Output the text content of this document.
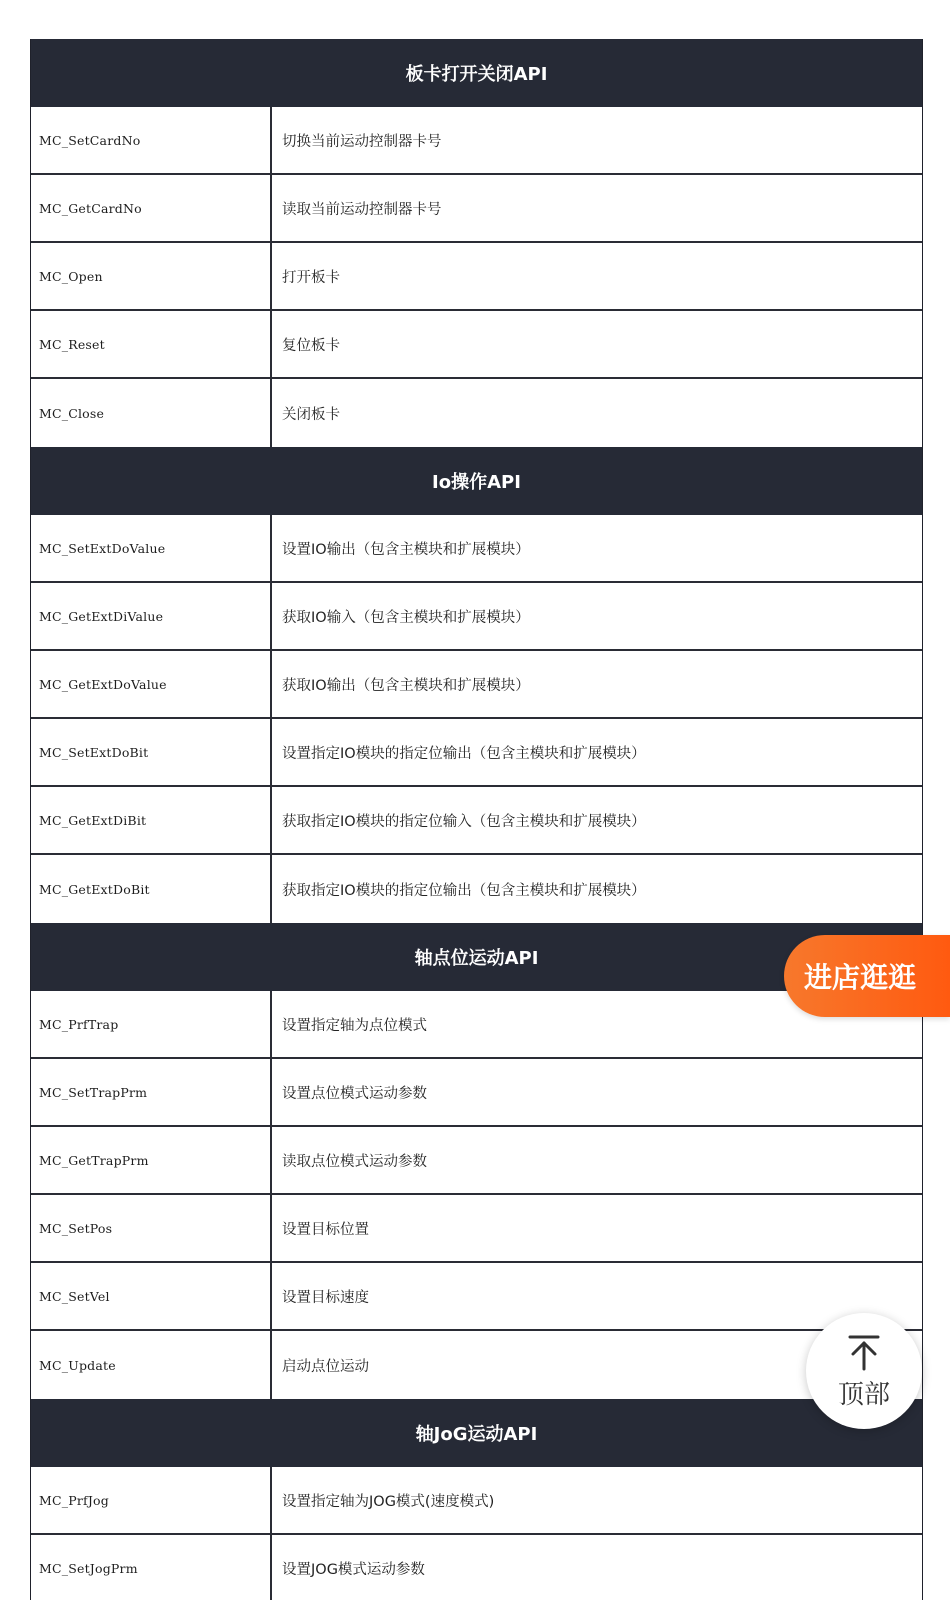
板卡打开关闭API
MC_SetCardNo	切换当前运动控制器卡号
MC_GetCardNo	读取当前运动控制器卡号
MC_Open	打开板卡
MC_Reset	复位板卡
MC_Close	关闭板卡
Io操作API
MC_SetExtDoValue	设置IO输出（包含主模块和扩展模块）
MC_GetExtDiValue	获取IO输入（包含主模块和扩展模块）
MC_GetExtDoValue	获取IO输出（包含主模块和扩展模块）
MC_SetExtDoBit	设置指定IO模块的指定位输出（包含主模块和扩展模块）
MC_GetExtDiBit	获取指定IO模块的指定位输入（包含主模块和扩展模块）
MC_GetExtDoBit	获取指定IO模块的指定位输出（包含主模块和扩展模块）
轴点位运动API
MC_PrfTrap	设置指定轴为点位模式
MC_SetTrapPrm	设置点位模式运动参数
MC_GetTrapPrm	读取点位模式运动参数
MC_SetPos	设置目标位置
MC_SetVel	设置目标速度
MC_Update	启动点位运动
轴JoG运动API
MC_PrfJog	设置指定轴为JOG模式(速度模式)
MC_SetJogPrm	设置JOG模式运动参数
进店逛逛
顶部
